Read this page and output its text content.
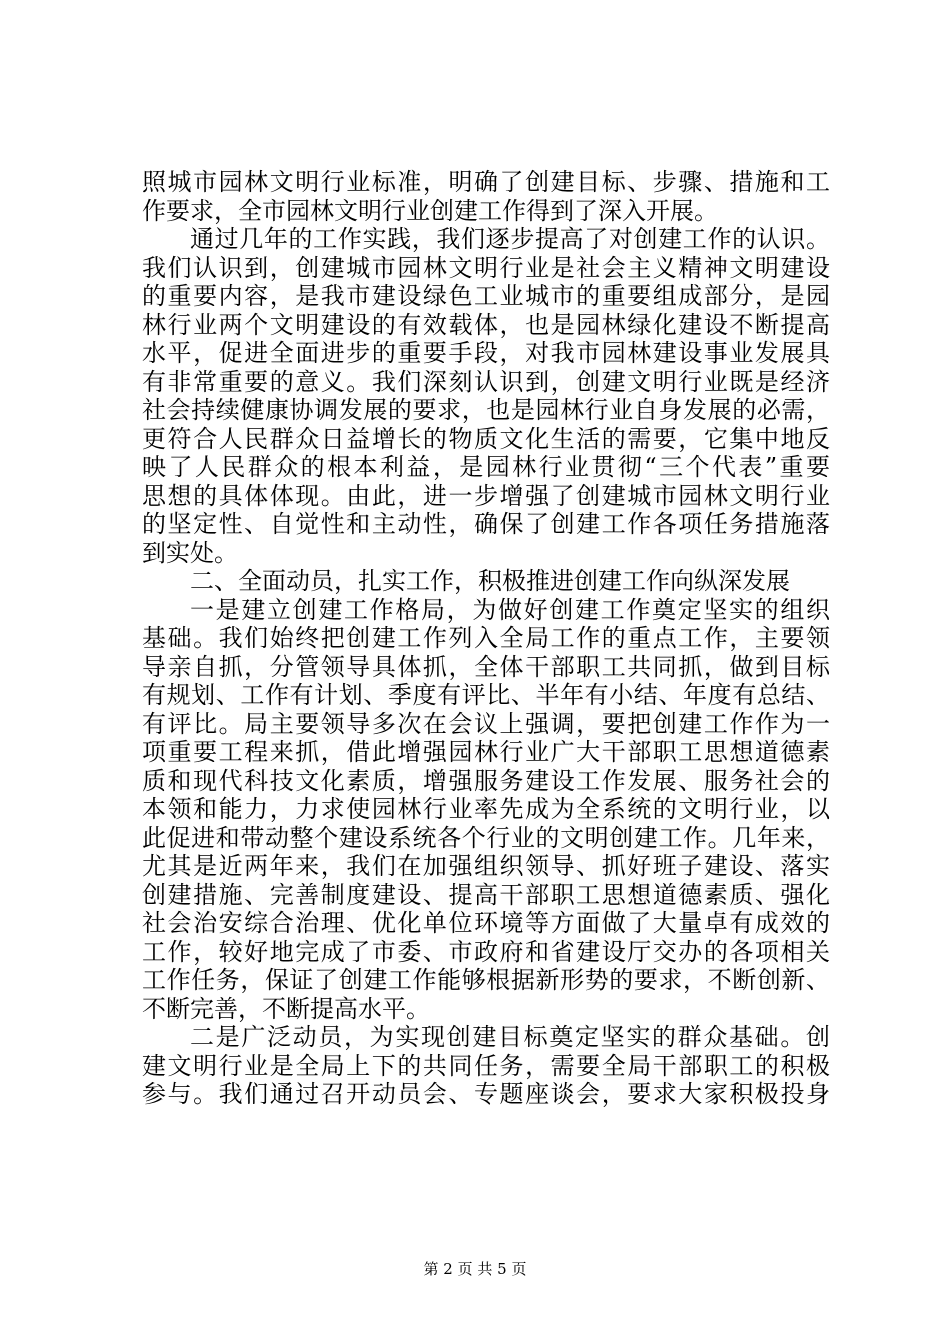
照城市园林文明行业标准，明确了创建目标、步骤、措施和工
作要求，全市园林文明行业创建工作得到了深入开展。
通过几年的工作实践，我们逐步提高了对创建工作的认识。
我们认识到，创建城市园林文明行业是社会主义精神文明建设
的重要内容，是我市建设绿色工业城市的重要组成部分，是园
林行业两个文明建设的有效载体，也是园林绿化建设不断提高
水平，促进全面进步的重要手段，对我市园林建设事业发展具
有非常重要的意义。我们深刻认识到，创建文明行业既是经济
社会持续健康协调发展的要求，也是园林行业自身发展的必需，
更符合人民群众日益增长的物质文化生活的需要，它集中地反
映了人民群众的根本利益，是园林行业贯彻“三个代表”重要
思想的具体体现。由此，进一步增强了创建城市园林文明行业
的坚定性、自觉性和主动性，确保了创建工作各项任务措施落
到实处。
二、全面动员，扎实工作，积极推进创建工作向纵深发展
一是建立创建工作格局，为做好创建工作奠定坚实的组织
基础。我们始终把创建工作列入全局工作的重点工作，主要领
导亲自抓，分管领导具体抓，全体干部职工共同抓，做到目标
有规划、工作有计划、季度有评比、半年有小结、年度有总结、
有评比。局主要领导多次在会议上强调，要把创建工作作为一
项重要工程来抓，借此增强园林行业广大干部职工思想道德素
质和现代科技文化素质，增强服务建设工作发展、服务社会的
本领和能力，力求使园林行业率先成为全系统的文明行业，以
此促进和带动整个建设系统各个行业的文明创建工作。几年来，
尤其是近两年来，我们在加强组织领导、抓好班子建设、落实
创建措施、完善制度建设、提高干部职工思想道德素质、强化
社会治安综合治理、优化单位环境等方面做了大量卓有成效的
工作，较好地完成了市委、市政府和省建设厅交办的各项相关
工作任务，保证了创建工作能够根据新形势的要求，不断创新、
不断完善，不断提高水平。
二是广泛动员，为实现创建目标奠定坚实的群众基础。创
建文明行业是全局上下的共同任务，需要全局干部职工的积极
参与。我们通过召开动员会、专题座谈会，要求大家积极投身
第 2 页 共 5 页
